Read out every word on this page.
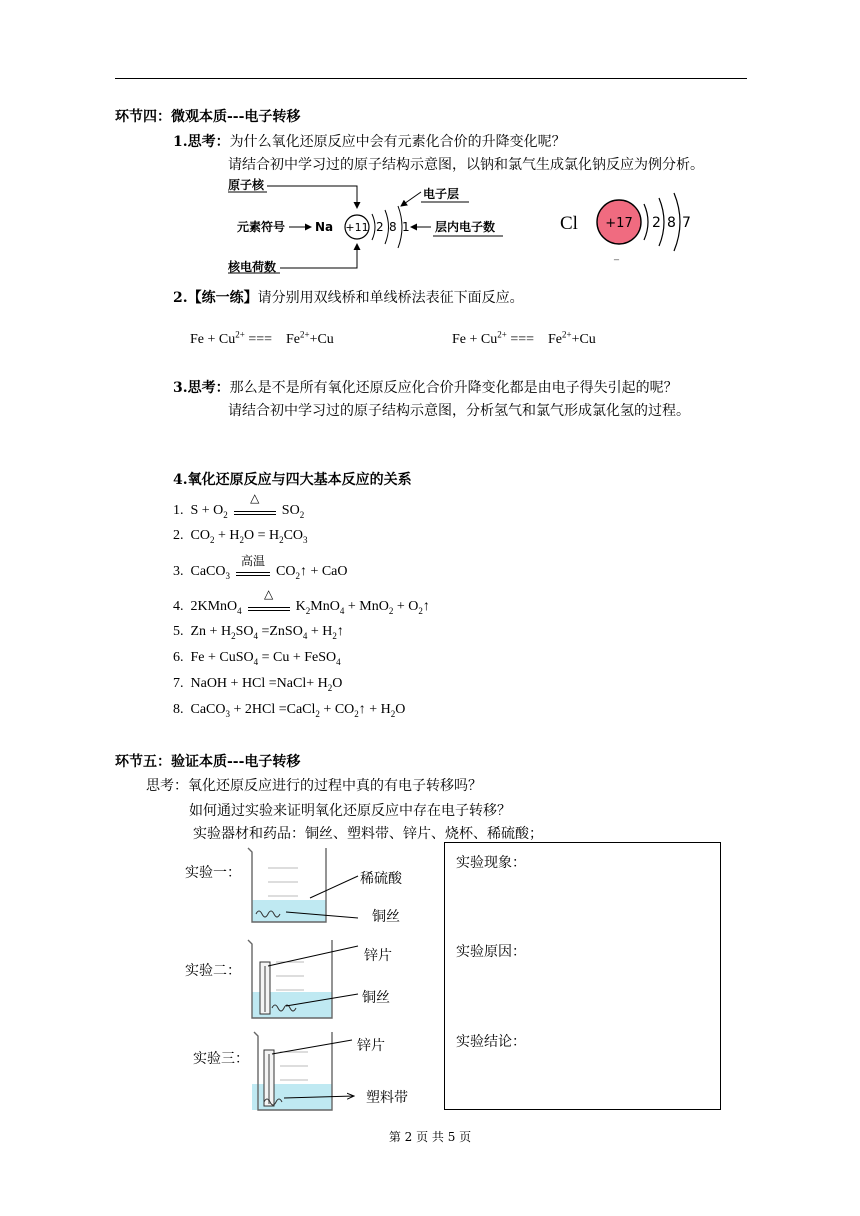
环节四：微观本质---电子转移
1.思考：为什么氧化还原反应中会有元素化合价的升降变化呢？
请结合初中学习过的原子结构示意图，以钠和氯气生成氯化钠反应为例分析。
原子核
元素符号 Na +11 2 8 1
电子层
层内电子数
核电荷数
Cl +17 2 8 7
_
2.【练一练】请分别用双线桥和单线桥法表征下面反应。
$Fe + Cu^{2+}$ ===    $Fe^{2+}+Cu$	$Fe + Cu^{2+}$ ===    $Fe^{2+}+Cu$
3.思考：那么是不是所有氧化还原反应化合价升降变化都是由电子得失引起的呢？
请结合初中学习过的原子结构示意图，分析氢气和氯气形成氯化氢的过程。
4.氧化还原反应与四大基本反应的关系
1.  $S + O_2$
△
$SO_2$
2.  $CO_2 + H_2O = H_2CO_3$
3.  CaCO$_3$
高温
$CO_2↑$ + CaO
4.  2KMnO$_4$
△
$K_2MnO_4 + MnO_2$ + $O_2↑$
5.  $Zn + H_2SO_4$ =ZnSO$_4$ + $H_2↑$
6.  Fe + CuSO$_4$ = Cu + FeSO$_4$
7.  NaOH + HCl =NaCl+ $H_2O$
8.  CaCO$_3$ + 2HCl =CaCl$_2$ + $CO_2↑ + H_2O$
环节五：验证本质---电子转移
思考：氧化还原反应进行的过程中真的有电子转移吗？
如何通过实验来证明氧化还原反应中存在电子转移？
实验器材和药品：铜丝、塑料带、锌片、烧杯、稀硫酸；
实验一：
实验二：
实验三：
稀硫酸
铜丝
锌片
铜丝
锌片
塑料带
实验现象：
实验原因：
实验结论：
第 2 页 共 5 页
